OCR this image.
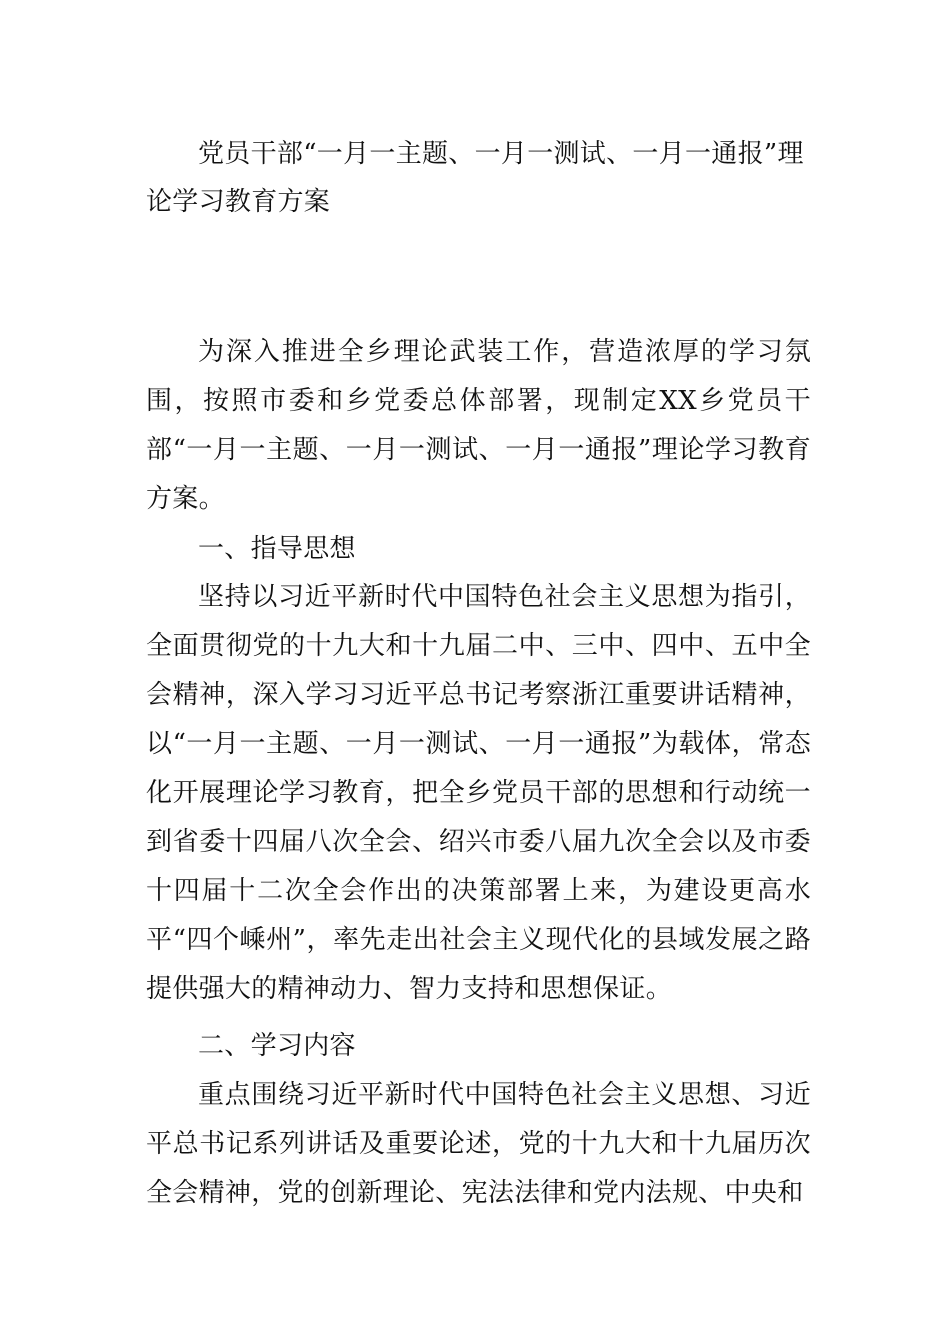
党员干部“一月一主题、一月一测试、一月一通报”理论学习教育方案

为深入推进全乡理论武装工作，营造浓厚的学习氛围，按照市委和乡党委总体部署，现制定XX乡党员干部“一月一主题、一月一测试、一月一通报”理论学习教育方案。

一、指导思想

坚持以习近平新时代中国特色社会主义思想为指引，全面贯彻党的十九大和十九届二中、三中、四中、五中全会精神，深入学习习近平总书记考察浙江重要讲话精神，以“一月一主题、一月一测试、一月一通报”为载体，常态化开展理论学习教育，把全乡党员干部的思想和行动统一到省委十四届八次全会、绍兴市委八届九次全会以及市委十四届十二次全会作出的决策部署上来，为建设更高水平“四个嵊州”，率先走出社会主义现代化的县域发展之路提供强大的精神动力、智力支持和思想保证。

二、学习内容

重点围绕习近平新时代中国特色社会主义思想、习近平总书记系列讲话及重要论述，党的十九大和十九届历次全会精神，党的创新理论、宪法法律和党内法规、中央和
